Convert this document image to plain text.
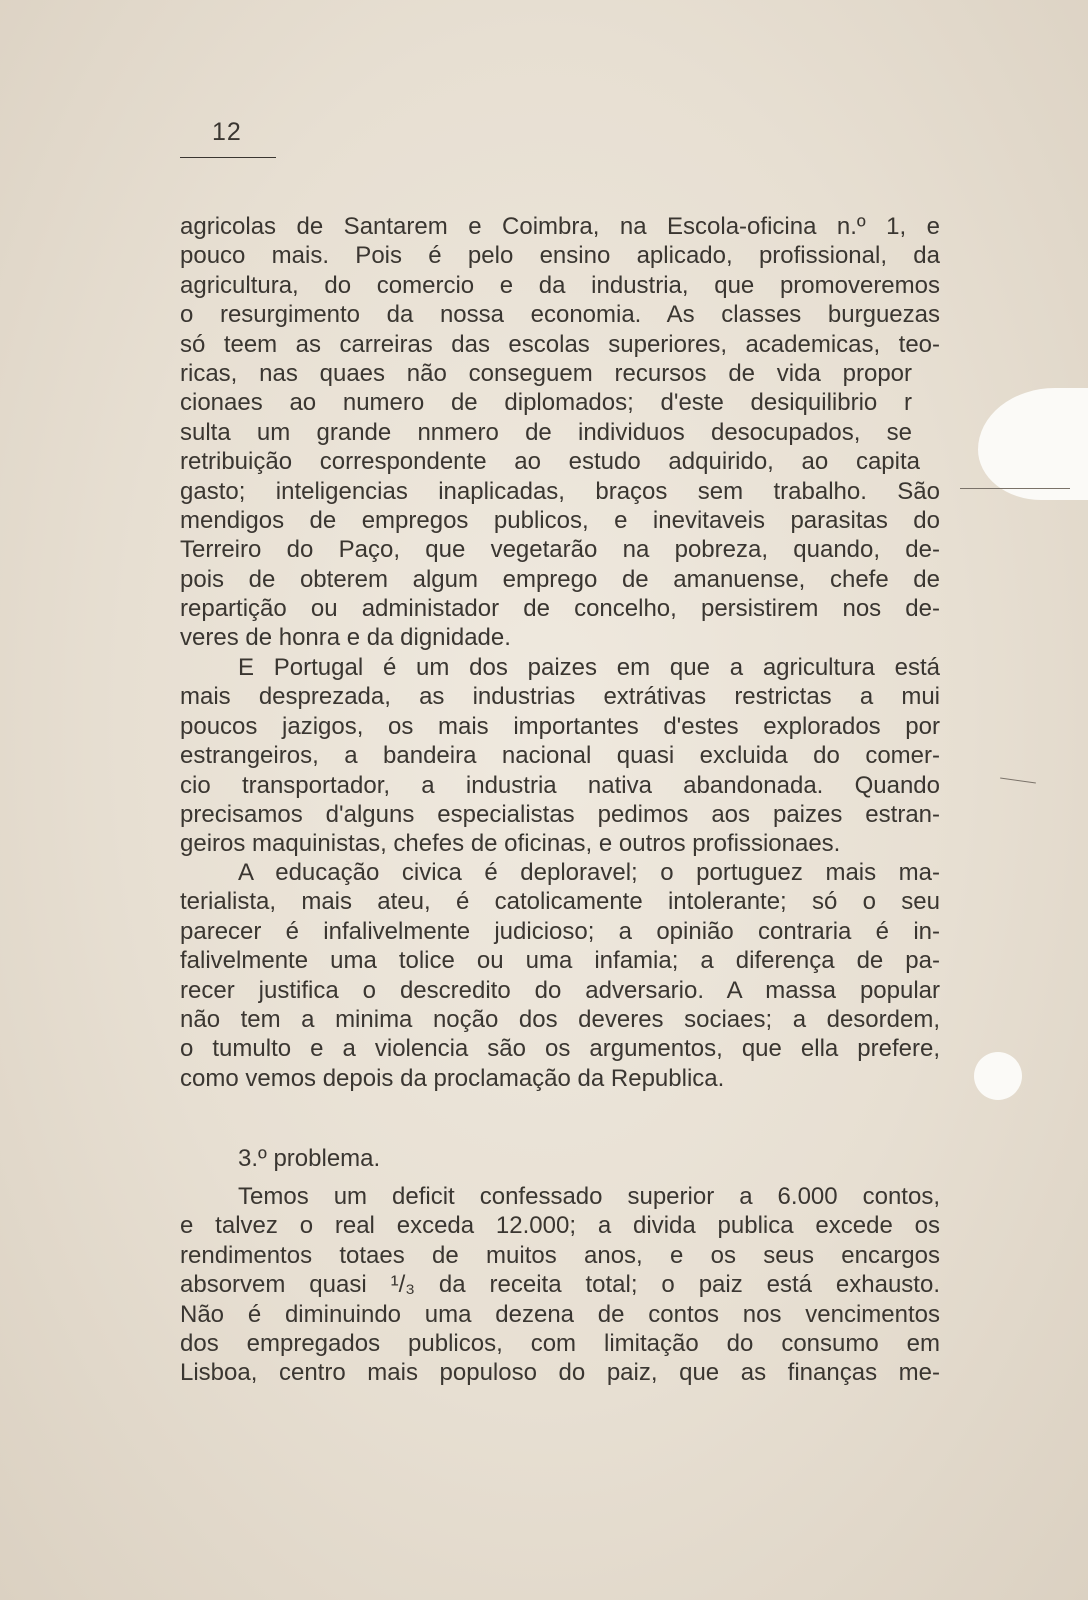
12
agricolas de Santarem e Coimbra, na Escola-oficina n.º 1, e
pouco mais. Pois é pelo ensino aplicado, profissional, da
agricultura, do comercio e da industria, que promoveremos
o resurgimento da nossa economia. As classes burguezas
só teem as carreiras das escolas superiores, academicas, teo-
ricas, nas quaes não conseguem recursos de vida propor
cionaes ao numero de diplomados; d'este desiquilibrio r
sulta um grande nnmero de individuos desocupados, se
retribuição correspondente ao estudo adquirido, ao capita
gasto; inteligencias inaplicadas, braços sem trabalho. São
mendigos de empregos publicos, e inevitaveis parasitas do
Terreiro do Paço, que vegetarão na pobreza, quando, de-
pois de obterem algum emprego de amanuense, chefe de
repartição ou administador de concelho, persistirem nos de-
veres de honra e da dignidade.
E Portugal é um dos paizes em que a agricultura está
mais desprezada, as industrias extrátivas restrictas a mui
poucos jazigos, os mais importantes d'estes explorados por
estrangeiros, a bandeira nacional quasi excluida do comer-
cio transportador, a industria nativa abandonada. Quando
precisamos d'alguns especialistas pedimos aos paizes estran-
geiros maquinistas, chefes de oficinas, e outros profissionaes.
A educação civica é deploravel; o portuguez mais ma-
terialista, mais ateu, é catolicamente intolerante; só o seu
parecer é infalivelmente judicioso; a opinião contraria é in-
falivelmente uma tolice ou uma infamia; a diferença de pa-
recer justifica o descredito do adversario. A massa popular
não tem a minima noção dos deveres sociaes; a desordem,
o tumulto e a violencia são os argumentos, que ella prefere,
como vemos depois da proclamação da Republica.
3.º problema.
Temos um deficit confessado superior a 6.000 contos,
e talvez o real exceda 12.000; a divida publica excede os
rendimentos totaes de muitos anos, e os seus encargos
absorvem quasi ¹/₃ da receita total; o paiz está exhausto.
Não é diminuindo uma dezena de contos nos vencimentos
dos empregados publicos, com limitação do consumo em
Lisboa, centro mais populoso do paiz, que as finanças me-
